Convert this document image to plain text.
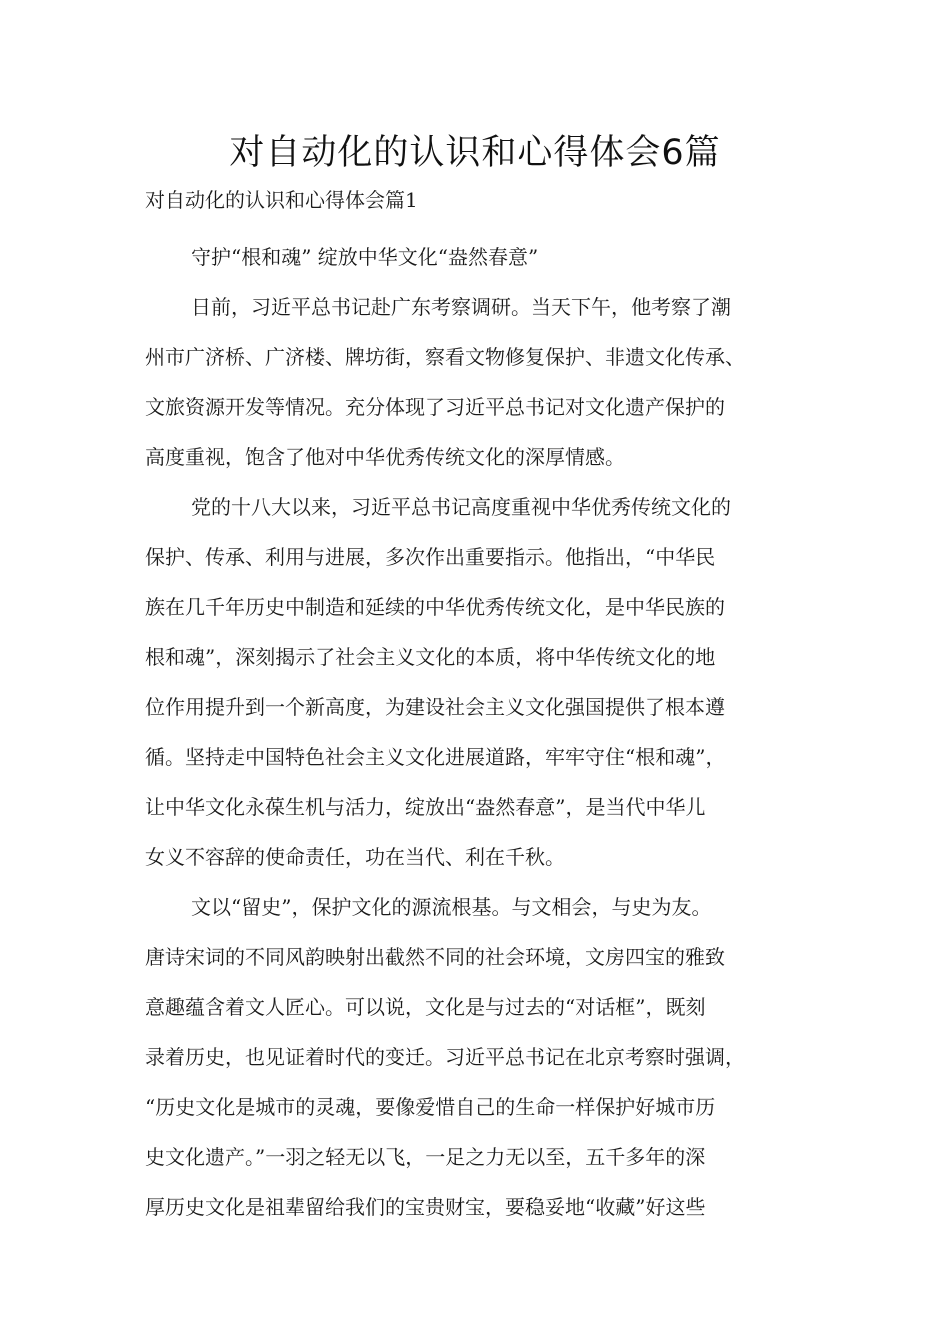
对自动化的认识和心得体会6篇
对自动化的认识和心得体会篇1
守护“根和魂” 绽放中华文化“盎然春意”
日前，习近平总书记赴广东考察调研。当天下午，他考察了潮
州市广济桥、广济楼、牌坊街，察看文物修复保护、非遗文化传承、
文旅资源开发等情况。充分体现了习近平总书记对文化遗产保护的
高度重视，饱含了他对中华优秀传统文化的深厚情感。
党的十八大以来，习近平总书记高度重视中华优秀传统文化的
保护、传承、利用与进展，多次作出重要指示。他指出，“中华民
族在几千年历史中制造和延续的中华优秀传统文化，是中华民族的
根和魂”，深刻揭示了社会主义文化的本质，将中华传统文化的地
位作用提升到一个新高度，为建设社会主义文化强国提供了根本遵
循。坚持走中国特色社会主义文化进展道路，牢牢守住“根和魂”，
让中华文化永葆生机与活力，绽放出“盎然春意”，是当代中华儿
女义不容辞的使命责任，功在当代、利在千秋。
文以“留史”，保护文化的源流根基。与文相会，与史为友。
唐诗宋词的不同风韵映射出截然不同的社会环境，文房四宝的雅致
意趣蕴含着文人匠心。可以说，文化是与过去的“对话框”，既刻
录着历史，也见证着时代的变迁。习近平总书记在北京考察时强调，
“历史文化是城市的灵魂，要像爱惜自己的生命一样保护好城市历
史文化遗产。”一羽之轻无以飞，一足之力无以至，五千多年的深
厚历史文化是祖辈留给我们的宝贵财宝，要稳妥地“收藏”好这些
